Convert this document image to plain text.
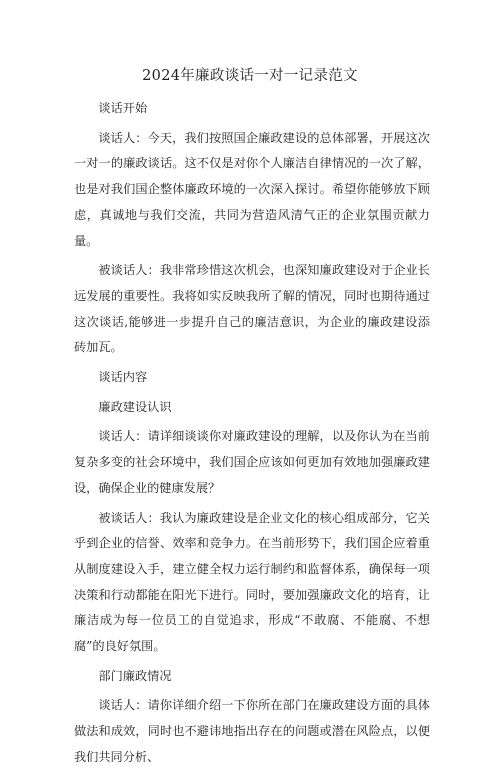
2024年廉政谈话一对一记录范文

谈话开始

谈话人：今天，我们按照国企廉政建设的总体部署，开展这次一对一的廉政谈话。这不仅是对你个人廉洁自律情况的一次了解，也是对我们国企整体廉政环境的一次深入探讨。希望你能够放下顾虑，真诚地与我们交流，共同为营造风清气正的企业氛围贡献力量。

被谈话人：我非常珍惜这次机会，也深知廉政建设对于企业长远发展的重要性。我将如实反映我所了解的情况，同时也期待通过这次谈话,能够进一步提升自己的廉洁意识，为企业的廉政建设添砖加瓦。

谈话内容

廉政建设认识

谈话人：请详细谈谈你对廉政建设的理解，以及你认为在当前复杂多变的社会环境中，我们国企应该如何更加有效地加强廉政建设，确保企业的健康发展？

被谈话人：我认为廉政建设是企业文化的核心组成部分，它关乎到企业的信誉、效率和竞争力。在当前形势下，我们国企应着重从制度建设入手，建立健全权力运行制约和监督体系，确保每一项决策和行动都能在阳光下进行。同时，要加强廉政文化的培育，让廉洁成为每一位员工的自觉追求，形成“不敢腐、不能腐、不想腐”的良好氛围。

部门廉政情况

谈话人：请你详细介绍一下你所在部门在廉政建设方面的具体做法和成效，同时也不避讳地指出存在的问题或潜在风险点，以便我们共同分析、
